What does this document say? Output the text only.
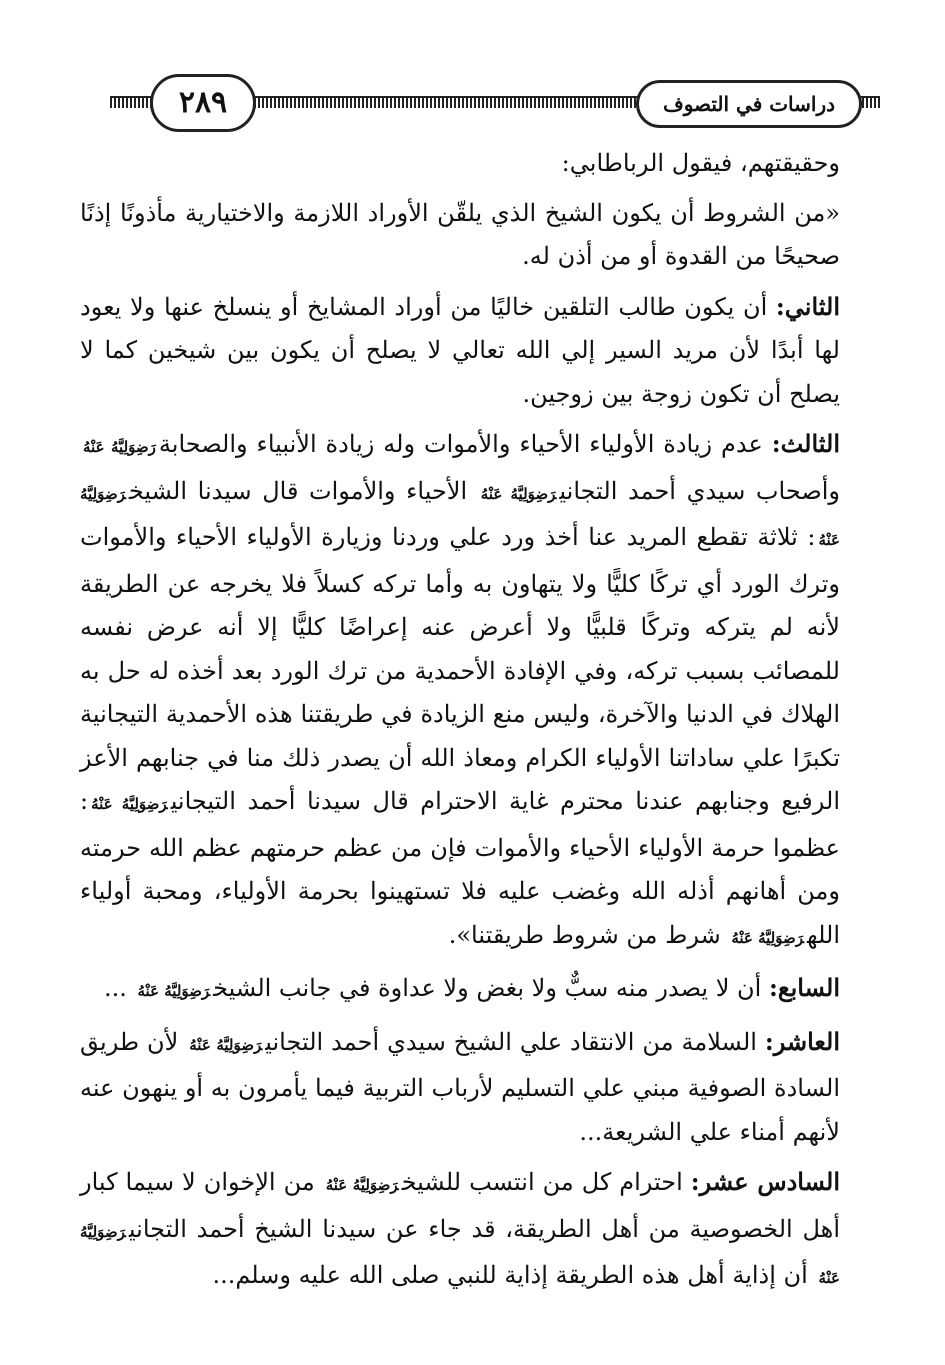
٢٨٩	دراسات في التصوف

وحقيقتهم، فيقول الرباطابي:

«من الشروط أن يكون الشيخ الذي يلقّن الأوراد اللازمة والاختيارية مأذونًا إذنًا صحيحًا من القدوة أو من أذن له.

الثاني: أن يكون طالب التلقين خاليًا من أوراد المشايخ أو ينسلخ عنها ولا يعود لها أبدًا لأن مريد السير إلي الله تعالي لا يصلح أن يكون بين شيخين كما لا يصلح أن تكون زوجة بين زوجين.

الثالث: عدم زيادة الأولياء الأحياء والأموات وله زيادة الأنبياء والصحابةرَضِوَلِيَّهُ عَنْهُ وأصحاب سيدي أحمد التجانيرَضِوَلِيَّهُ عَنْهُ الأحياء والأموات قال سيدنا الشيخرَضِوَلِيَّهُ عَنْهُ: ثلاثة تقطع المريد عنا أخذ ورد علي وردنا وزيارة الأولياء الأحياء والأموات وترك الورد أي تركًا كليًّا ولا يتهاون به وأما تركه كسلاً فلا يخرجه عن الطريقة لأنه لم يتركه وتركًا قلبيًّا ولا أعرض عنه إعراضًا كليًّا إلا أنه عرض نفسه للمصائب بسبب تركه، وفي الإفادة الأحمدية من ترك الورد بعد أخذه له حل به الهلاك في الدنيا والآخرة، وليس منع الزيادة في طريقتنا هذه الأحمدية التيجانية تكبرًا علي ساداتنا الأولياء الكرام ومعاذ الله أن يصدر ذلك منا في جنابهم الأعز الرفيع وجنابهم عندنا محترم غاية الاحترام قال سيدنا أحمد التيجانيرَضِوَلِيَّهُ عَنْهُ: عظموا حرمة الأولياء الأحياء والأموات فإن من عظم حرمتهم عظم الله حرمته ومن أهانهم أذله الله وغضب عليه فلا تستهينوا بحرمة الأولياء، ومحبة أولياء اللهرَضِوَلِيَّهُ عَنْهُ شرط من شروط طريقتنا».

السابع: أن لا يصدر منه سبٌّ ولا بغض ولا عداوة في جانب الشيخرَضِوَلِيَّهُ عَنْهُ ...

العاشر: السلامة من الانتقاد علي الشيخ سيدي أحمد التجانيرَضِوَلِيَّهُ عَنْهُ لأن طريق السادة الصوفية مبني علي التسليم لأرباب التربية فيما يأمرون به أو ينهون عنه لأنهم أمناء علي الشريعة...

السادس عشر: احترام كل من انتسب للشيخرَضِوَلِيَّهُ عَنْهُ من الإخوان لا سيما كبار أهل الخصوصية من أهل الطريقة، قد جاء عن سيدنا الشيخ أحمد التجانيرَضِوَلِيَّهُ عَنْهُ أن إذاية أهل هذه الطريقة إذاية للنبي صلى الله عليه وسلم...
